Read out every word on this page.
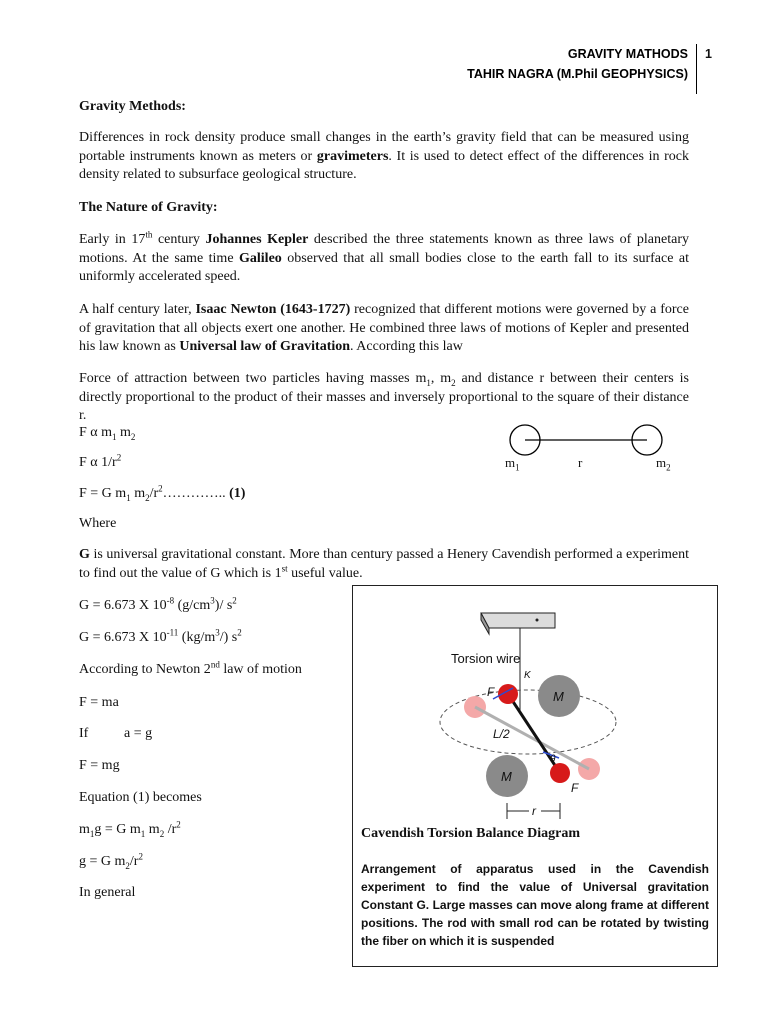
GRAVITY MATHODS
TAHIR NAGRA (M.Phil GEOPHYSICS)
1
Gravity Methods:
Differences in rock density produce small changes in the earth’s gravity field that can be measured using portable instruments known as meters or gravimeters. It is used to detect effect of the differences in rock density related to subsurface geological structure.
The Nature of Gravity:
Early in 17th century Johannes Kepler described the three statements known as three laws of planetary motions. At the same time Galileo observed that all small bodies close to the earth fall to its surface at uniformly accelerated speed.
A half century later, Isaac Newton (1643-1727) recognized that different motions were governed by a force of gravitation that all objects exert one another. He combined three laws of motions of Kepler and presented his law known as Universal law of Gravitation. According this law
Force of attraction between two particles having masses $m_1$, $m_2$ and distance r between their centers is directly proportional to the product of their masses and inversely proportional to the square of their distance r.
F α $m_1$ $m_2$
F α $1/r^2$
F = G $m_1$ $m_2/r^2\dots\dots\dots\dots$.. (1)
Where
G is universal gravitational constant. More than century passed a Henery Cavendish performed a experiment to find out the value of G which is 1st useful value.
G = 6.673 X $10^{-8}$ $(g/cm^3)/$ $s^2$
G = 6.673 X $10^{-11}$ $(kg/m^3/)$ $s^2$
According to Newton 2nd law of motion
F = ma
If	a = g
F = mg
Equation (1) becomes
$m_1g = G$ $m_1$ $m_2$ $/r^2$
g = G $m_2/r^2$
In general
$m_1$	r	$m_2$
Torsion wire
K
F	M
M
L/2
θ
F
r
Cavendish Torsion Balance Diagram
Arrangement of apparatus used in the Cavendish experiment to find the value of Universal gravitation Constant G. Large masses can move along frame at different positions. The rod with small rod can be rotated by twisting the fiber on which it is suspended
